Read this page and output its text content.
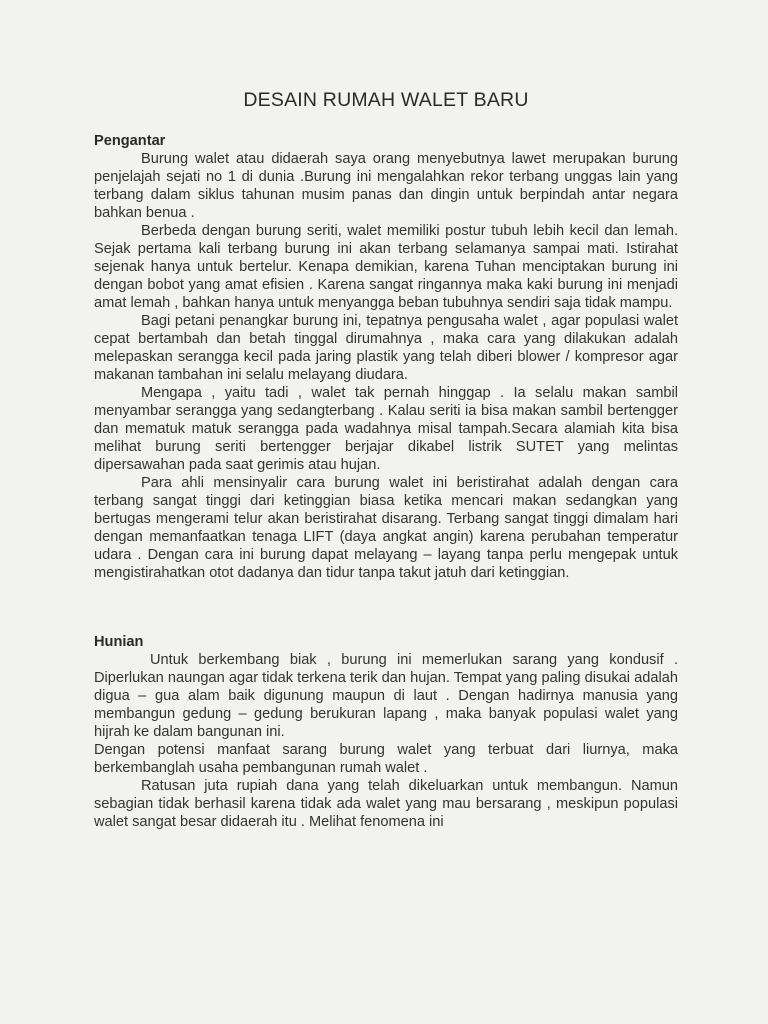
DESAIN RUMAH WALET BARU
Pengantar

Burung walet atau didaerah saya orang menyebutnya lawet merupakan burung penjelajah sejati no 1 di dunia .Burung ini mengalahkan rekor terbang unggas lain yang terbang dalam siklus tahunan musim panas dan dingin untuk berpindah antar negara bahkan benua .

Berbeda dengan burung seriti, walet memiliki postur tubuh lebih kecil dan lemah. Sejak pertama kali terbang burung ini akan terbang selamanya sampai mati. Istirahat sejenak hanya untuk bertelur. Kenapa demikian, karena Tuhan menciptakan burung ini dengan bobot yang amat efisien . Karena sangat ringannya maka kaki burung ini menjadi amat lemah , bahkan hanya untuk menyangga beban tubuhnya sendiri saja tidak mampu.

Bagi petani penangkar burung ini, tepatnya pengusaha walet , agar populasi walet cepat bertambah dan betah tinggal dirumahnya , maka cara yang dilakukan adalah melepaskan serangga kecil pada jaring plastik yang telah diberi blower / kompresor agar makanan tambahan ini selalu melayang diudara.

Mengapa , yaitu tadi , walet tak pernah hinggap . Ia selalu makan sambil menyambar serangga yang sedangterbang . Kalau seriti ia bisa makan sambil bertengger dan mematuk matuk serangga pada wadahnya misal tampah.Secara alamiah kita bisa melihat burung seriti bertengger berjajar dikabel listrik SUTET yang melintas dipersawahan pada saat gerimis atau hujan.

Para ahli mensinyalir cara burung walet ini beristirahat adalah dengan cara terbang sangat tinggi dari ketinggian biasa ketika mencari makan sedangkan yang bertugas mengerami telur akan beristirahat disarang. Terbang sangat tinggi dimalam hari dengan memanfaatkan tenaga LIFT (daya angkat angin) karena perubahan temperatur udara . Dengan cara ini burung dapat melayang – layang tanpa perlu mengepak untuk mengistirahatkan otot dadanya dan tidur tanpa takut jatuh dari ketinggian.

Hunian

Untuk berkembang biak , burung ini memerlukan sarang yang kondusif . Diperlukan naungan agar tidak terkena terik dan hujan. Tempat yang paling disukai adalah digua – gua alam baik digunung maupun di laut . Dengan hadirnya manusia yang membangun gedung – gedung berukuran lapang , maka banyak populasi walet yang hijrah ke dalam bangunan ini.

Dengan potensi manfaat sarang burung walet yang terbuat dari liurnya, maka berkembanglah usaha pembangunan rumah walet .

Ratusan juta rupiah dana yang telah dikeluarkan untuk membangun. Namun sebagian tidak berhasil karena tidak ada walet yang mau bersarang , meskipun populasi walet sangat besar didaerah itu . Melihat fenomena ini
